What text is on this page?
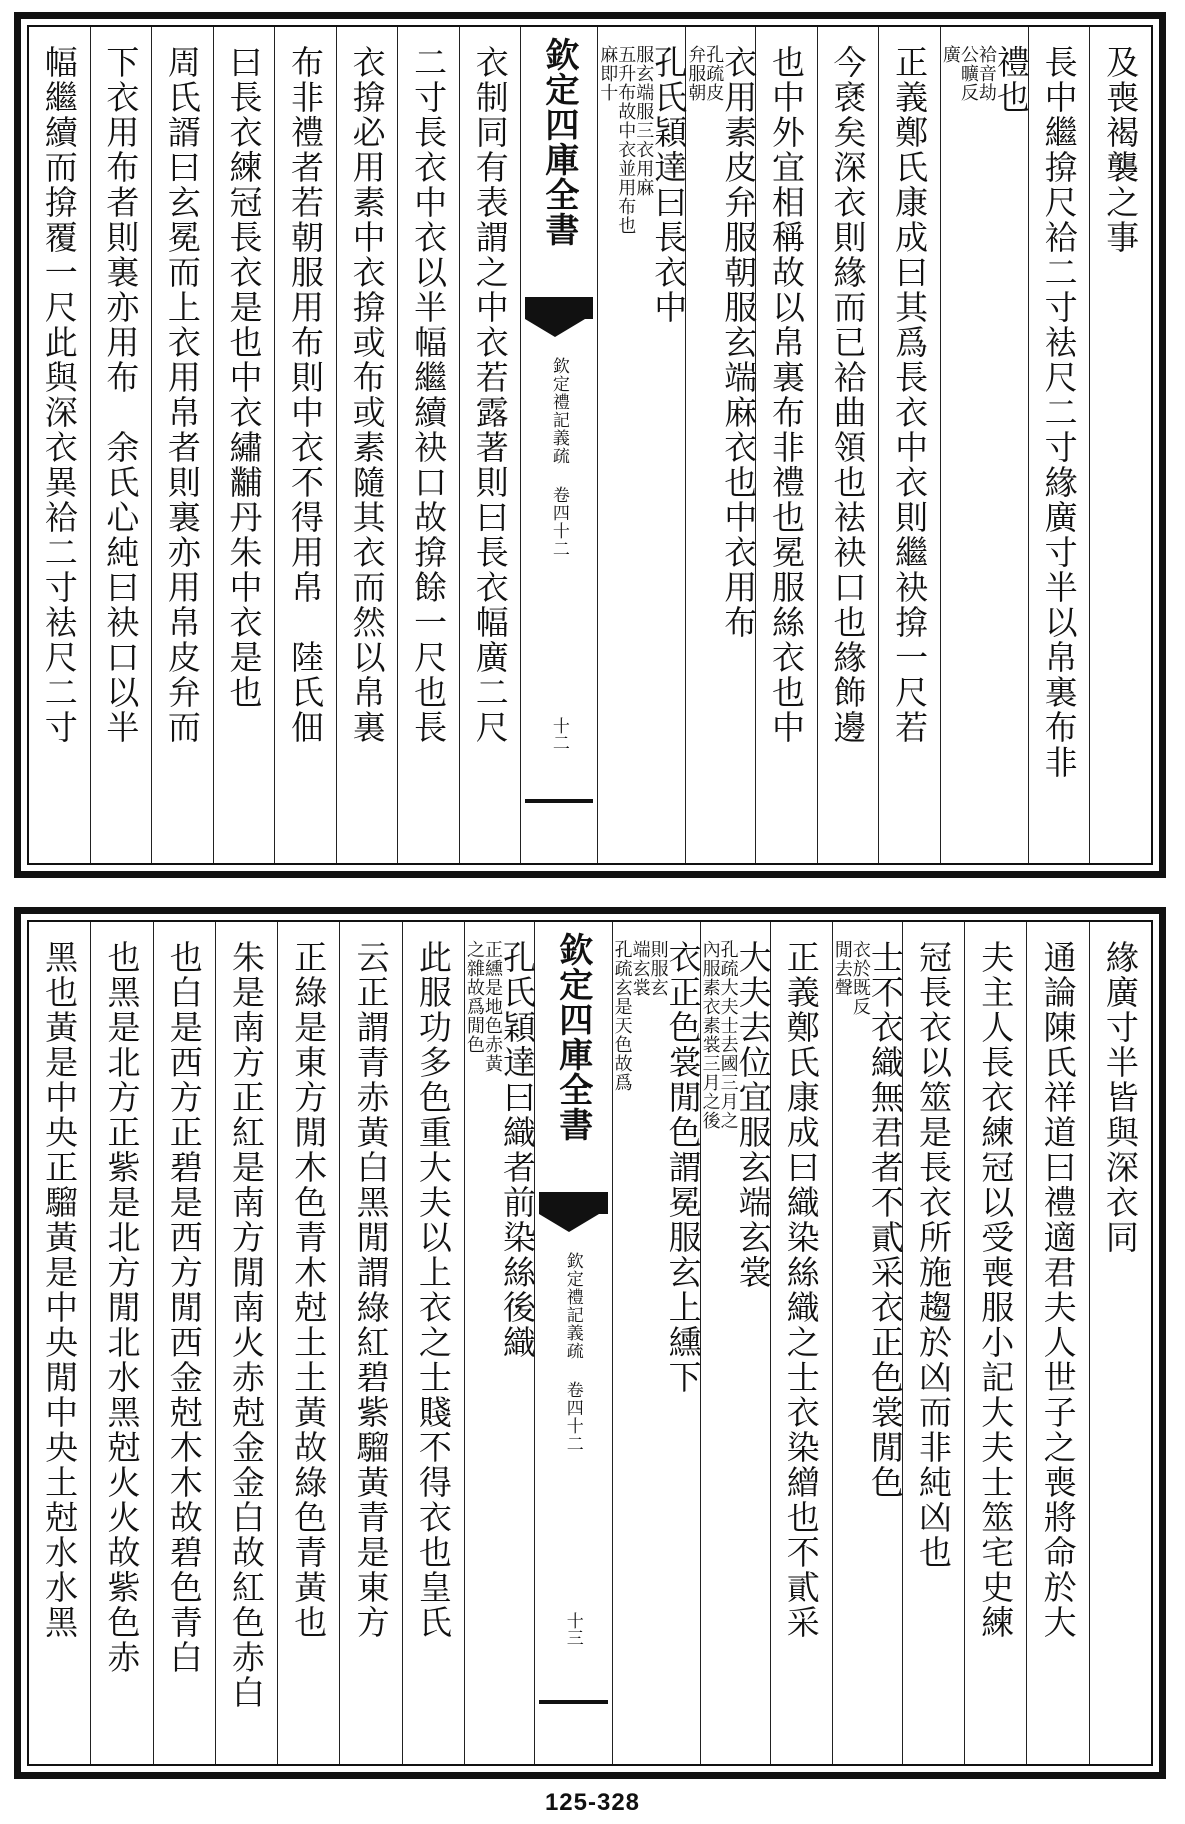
及喪褐襲之事
長中繼揜尺袷二寸袪尺二寸緣廣寸半以帛裏布非
禮也
袷音劫
公曠反
廣
正義鄭氏康成曰其爲長衣中衣則繼袂揜一尺若
今褎矣深衣則緣而已袷曲領也袪袂口也緣飾邊
也中外宜相稱故以帛裏布非禮也冕服絲衣也中
衣用素皮弁服朝服玄端麻衣也中衣用布
孔疏皮
弁服朝
孔氏穎達曰長衣中
服玄端服三衣用麻
五升布故中衣並用布也
麻即十
欽定四庫全書
欽定禮記義疏 卷四十二
十二
衣制同有表謂之中衣若露著則曰長衣幅廣二尺
二寸長衣中衣以半幅繼續袂口故揜餘一尺也長
衣揜必用素中衣揜或布或素隨其衣而然以帛裏
布非禮者若朝服用布則中衣不得用帛　陸氏佃
曰長衣練冠長衣是也中衣繡黼丹朱中衣是也
周氏諝曰玄冕而上衣用帛者則裏亦用帛皮弁而
下衣用布者則裏亦用布　余氏心純曰袂口以半
幅繼續而揜覆一尺此與深衣異袷二寸袪尺二寸
緣廣寸半皆與深衣同
通論陳氏祥道曰禮適君夫人世子之喪將命於大
夫主人長衣練冠以受喪服小記大夫士筮宅史練
冠長衣以筮是長衣所施趨於凶而非純凶也
士不衣織無君者不貳采衣正色裳閒色
衣於既反
閒去聲
正義鄭氏康成曰織染絲織之士衣染繒也不貳采
大夫去位宜服玄端玄裳
孔疏大夫士去國三月之
內服素衣素裳三月之後
衣正色裳閒色謂冕服玄上纁下
則服玄
端玄裳
孔疏玄是天色故爲
欽定四庫全書
欽定禮記義疏 卷四十二
十三
孔氏穎達曰織者前染絲後織
正纁是地色赤黃
之雜故爲閒色
此服功多色重大夫以上衣之士賤不得衣也皇氏
云正謂青赤黃白黑閒謂綠紅碧紫騮黃青是東方
正綠是東方閒木色青木尅土土黃故綠色青黃也
朱是南方正紅是南方閒南火赤尅金金白故紅色赤白
也白是西方正碧是西方閒西金尅木木故碧色青白
也黑是北方正紫是北方閒北水黑尅火火故紫色赤
黑也黃是中央正騮黃是中央閒中央土尅水水黑
125-328
